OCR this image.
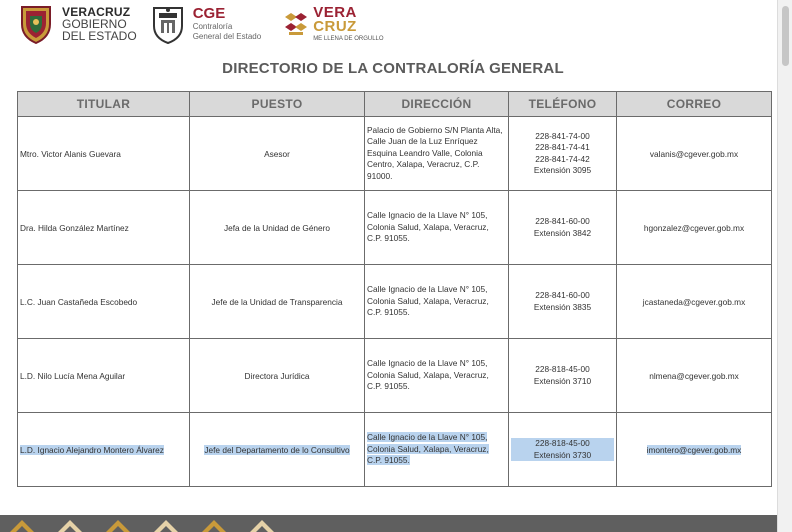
VERACRUZ
GOBIERNO
DEL ESTADO
CGE
Contraloría
General del Estado
VERA
CRUZ
ME LLENA DE ORGULLO
DIRECTORIO DE LA CONTRALORÍA GENERAL
TITULAR	PUESTO	DIRECCIÓN	TELÉFONO	CORREO
Mtro. Victor Alanis Guevara	Asesor	Palacio de Gobierno S/N Planta Alta, Calle Juan de la Luz Enríquez Esquina Leandro Valle, Colonia Centro, Xalapa, Veracruz, C.P. 91000.	228-841-74-00
228-841-74-41
228-841-74-42
Extensión 3095	valanis@cgever.gob.mx
Dra. Hilda González Martínez	Jefa de la Unidad de Género	Calle Ignacio de la Llave N° 105, Colonia Salud, Xalapa, Veracruz, C.P. 91055.	228-841-60-00
Extensión 3842	hgonzalez@cgever.gob.mx
L.C. Juan Castañeda Escobedo	Jefe de la Unidad de Transparencia	Calle Ignacio de la Llave N° 105, Colonia Salud, Xalapa, Veracruz, C.P. 91055.	228-841-60-00
Extensión 3835	jcastaneda@cgever.gob.mx
L.D. Nilo Lucía Mena Aguilar	Directora Jurídica	Calle Ignacio de la Llave N° 105, Colonia Salud, Xalapa, Veracruz, C.P. 91055.	228-818-45-00
Extensión 3710	nlmena@cgever.gob.mx
L.D. Ignacio Alejandro Montero Álvarez	Jefe del Departamento de lo Consultivo	Calle Ignacio de la Llave N° 105, Colonia Salud, Xalapa, Veracruz, C.P. 91055.	228-818-45-00
Extensión 3730	imontero@cgever.gob.mx
